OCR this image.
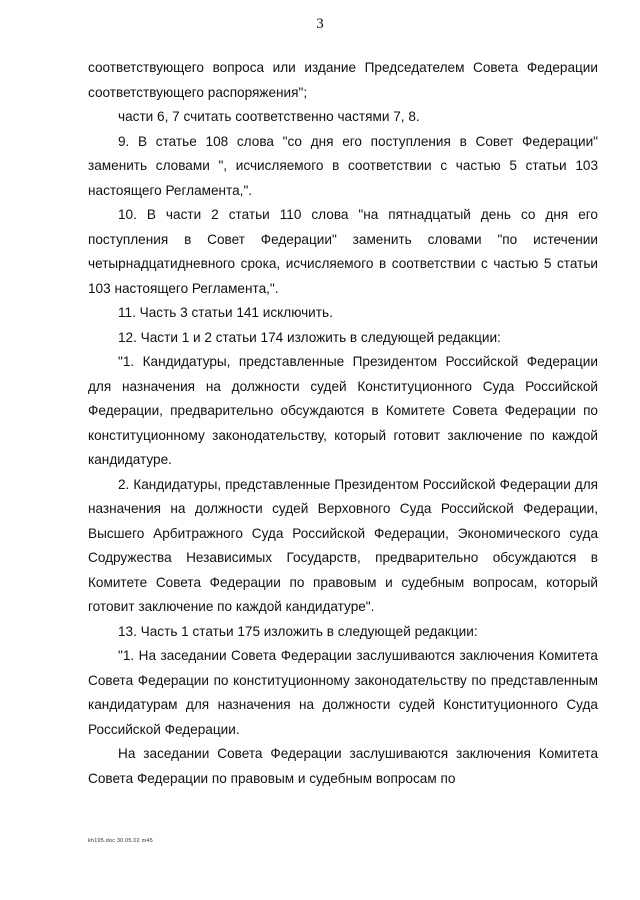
3

соответствующего вопроса или издание Председателем Совета Федерации соответствующего распоряжения";

части 6, 7 считать соответственно частями 7, 8.

9. В статье 108 слова "со дня его поступления в Совет Федерации" заменить словами ", исчисляемого в соответствии с частью 5 статьи 103 настоящего Регламента,".

10. В части 2 статьи 110 слова "на пятнадцатый день со дня его поступления в Совет Федерации" заменить словами "по истечении четырнадцатидневного срока, исчисляемого в соответствии с частью 5 статьи 103 настоящего Регламента,".

11. Часть 3 статьи 141 исключить.

12. Части 1 и 2 статьи 174 изложить в следующей редакции:

"1. Кандидатуры, представленные Президентом Российской Федерации для назначения на должности судей Конституционного Суда Российской Федерации, предварительно обсуждаются в Комитете Совета Федерации по конституционному законодательству, который готовит заключение по каждой кандидатуре.

2. Кандидатуры, представленные Президентом Российской Федерации для назначения на должности судей Верховного Суда Российской Федерации, Высшего Арбитражного Суда Российской Федерации, Экономического суда Содружества Независимых Государств, предварительно обсуждаются в Комитете Совета Федерации по правовым и судебным вопросам, который готовит заключение по каждой кандидатуре".

13. Часть 1 статьи 175 изложить в следующей редакции:

"1. На заседании Совета Федерации заслушиваются заключения Комитета Совета Федерации по конституционному законодательству по представленным кандидатурам для назначения на должности судей Конституционного Суда Российской Федерации.

На заседании Совета Федерации заслушиваются заключения Комитета Совета Федерации по правовым и судебным вопросам по

kh195.doc 30.05.02 m45
